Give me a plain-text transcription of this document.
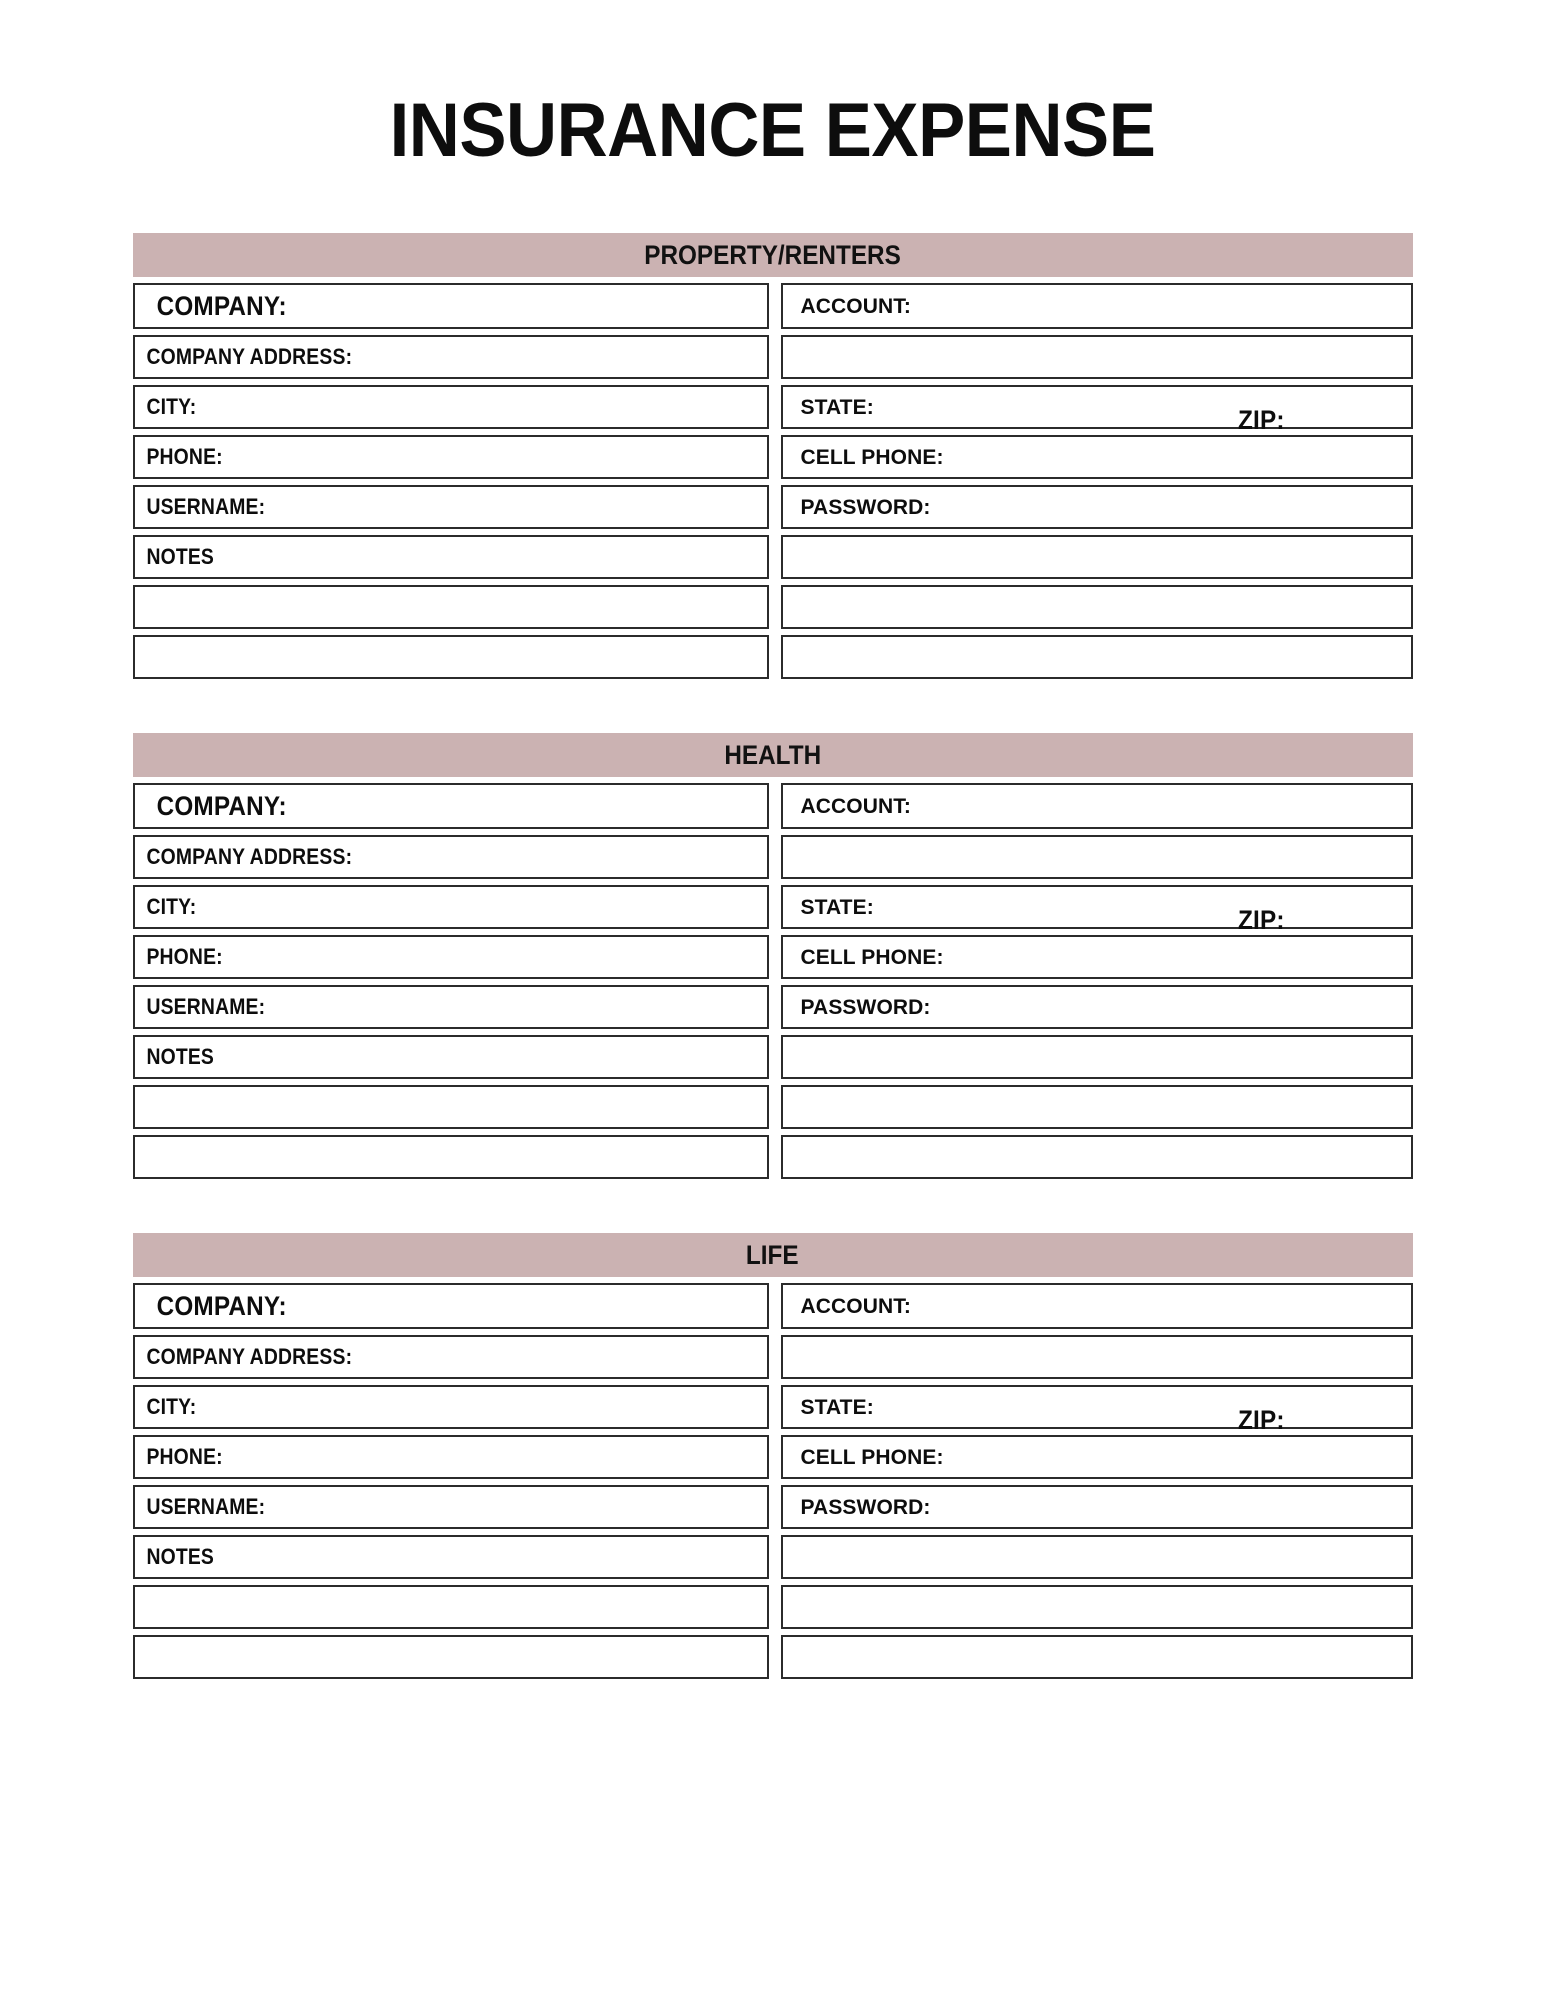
INSURANCE EXPENSE
PROPERTY/RENTERS
COMPANY:	ACCOUNT:
COMPANY ADDRESS:
CITY:	STATE:	ZIP:
PHONE:	CELL PHONE:
USERNAME:	PASSWORD:
NOTES
HEALTH
COMPANY:	ACCOUNT:
COMPANY ADDRESS:
CITY:	STATE:	ZIP:
PHONE:	CELL PHONE:
USERNAME:	PASSWORD:
NOTES
LIFE
COMPANY:	ACCOUNT:
COMPANY ADDRESS:
CITY:	STATE:	ZIP:
PHONE:	CELL PHONE:
USERNAME:	PASSWORD:
NOTES
